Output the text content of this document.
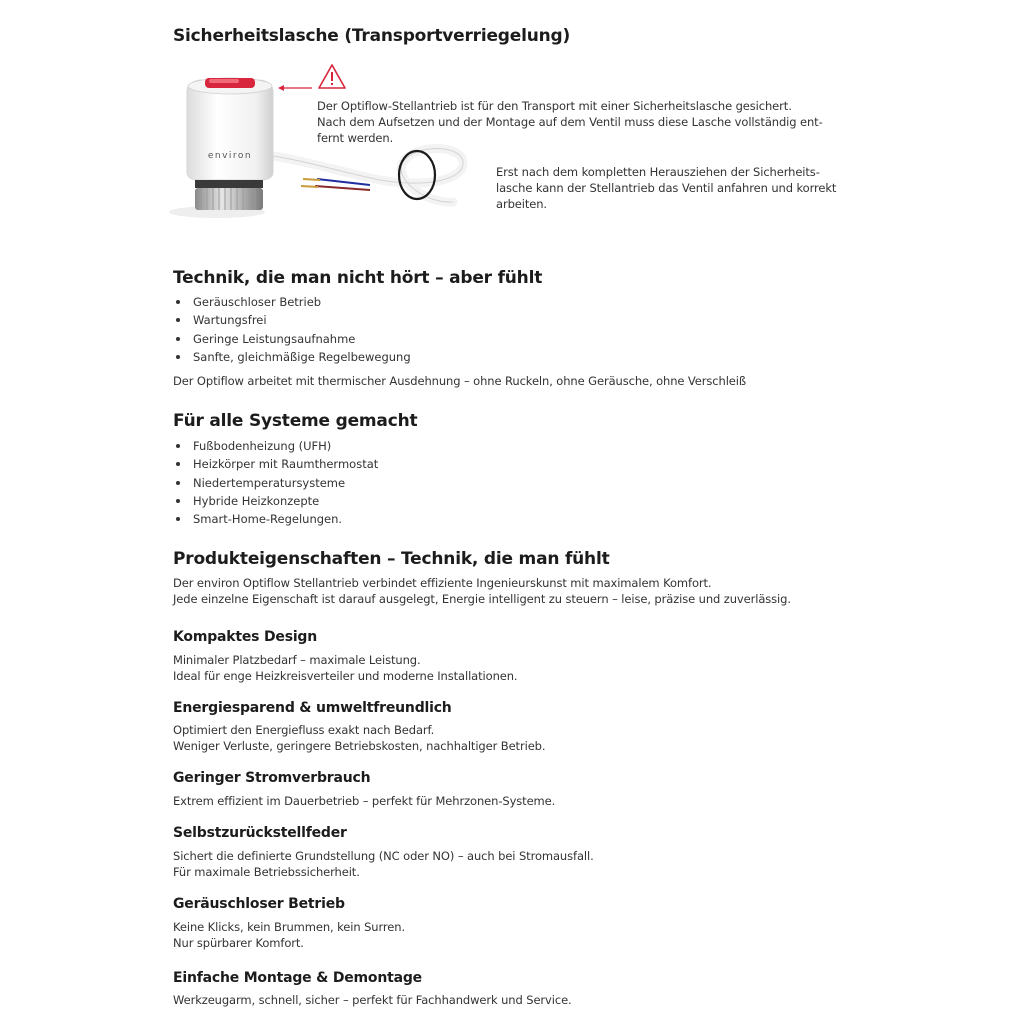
Sicherheitslasche (Transportverriegelung)
environ
Der Optiflow-Stellantrieb ist für den Transport mit einer Sicherheitslasche gesichert.
Nach dem Aufsetzen und der Montage auf dem Ventil muss diese Lasche vollständig ent-
fernt werden.
Erst nach dem kompletten Herausziehen der Sicherheits-
lasche kann der Stellantrieb das Ventil anfahren und korrekt
arbeiten.
Technik, die man nicht hört – aber fühlt
Geräuschloser Betrieb
Wartungsfrei
Geringe Leistungsaufnahme
Sanfte, gleichmäßige Regelbewegung
Der Optiflow arbeitet mit thermischer Ausdehnung – ohne Ruckeln, ohne Geräusche, ohne Verschleiß
Für alle Systeme gemacht
Fußbodenheizung (UFH)
Heizkörper mit Raumthermostat
Niedertemperatursysteme
Hybride Heizkonzepte
Smart-Home-Regelungen.
Produkteigenschaften – Technik, die man fühlt
Der environ Optiflow Stellantrieb verbindet effiziente Ingenieurskunst mit maximalem Komfort.
Jede einzelne Eigenschaft ist darauf ausgelegt, Energie intelligent zu steuern – leise, präzise und zuverlässig.
Kompaktes Design
Minimaler Platzbedarf – maximale Leistung.
Ideal für enge Heizkreisverteiler und moderne Installationen.
Energiesparend & umweltfreundlich
Optimiert den Energiefluss exakt nach Bedarf.
Weniger Verluste, geringere Betriebskosten, nachhaltiger Betrieb.
Geringer Stromverbrauch
Extrem effizient im Dauerbetrieb – perfekt für Mehrzonen-Systeme.
Selbstzurückstellfeder
Sichert die definierte Grundstellung (NC oder NO) – auch bei Stromausfall.
Für maximale Betriebssicherheit.
Geräuschloser Betrieb
Keine Klicks, kein Brummen, kein Surren.
Nur spürbarer Komfort.
Einfache Montage & Demontage
Werkzeugarm, schnell, sicher – perfekt für Fachhandwerk und Service.
